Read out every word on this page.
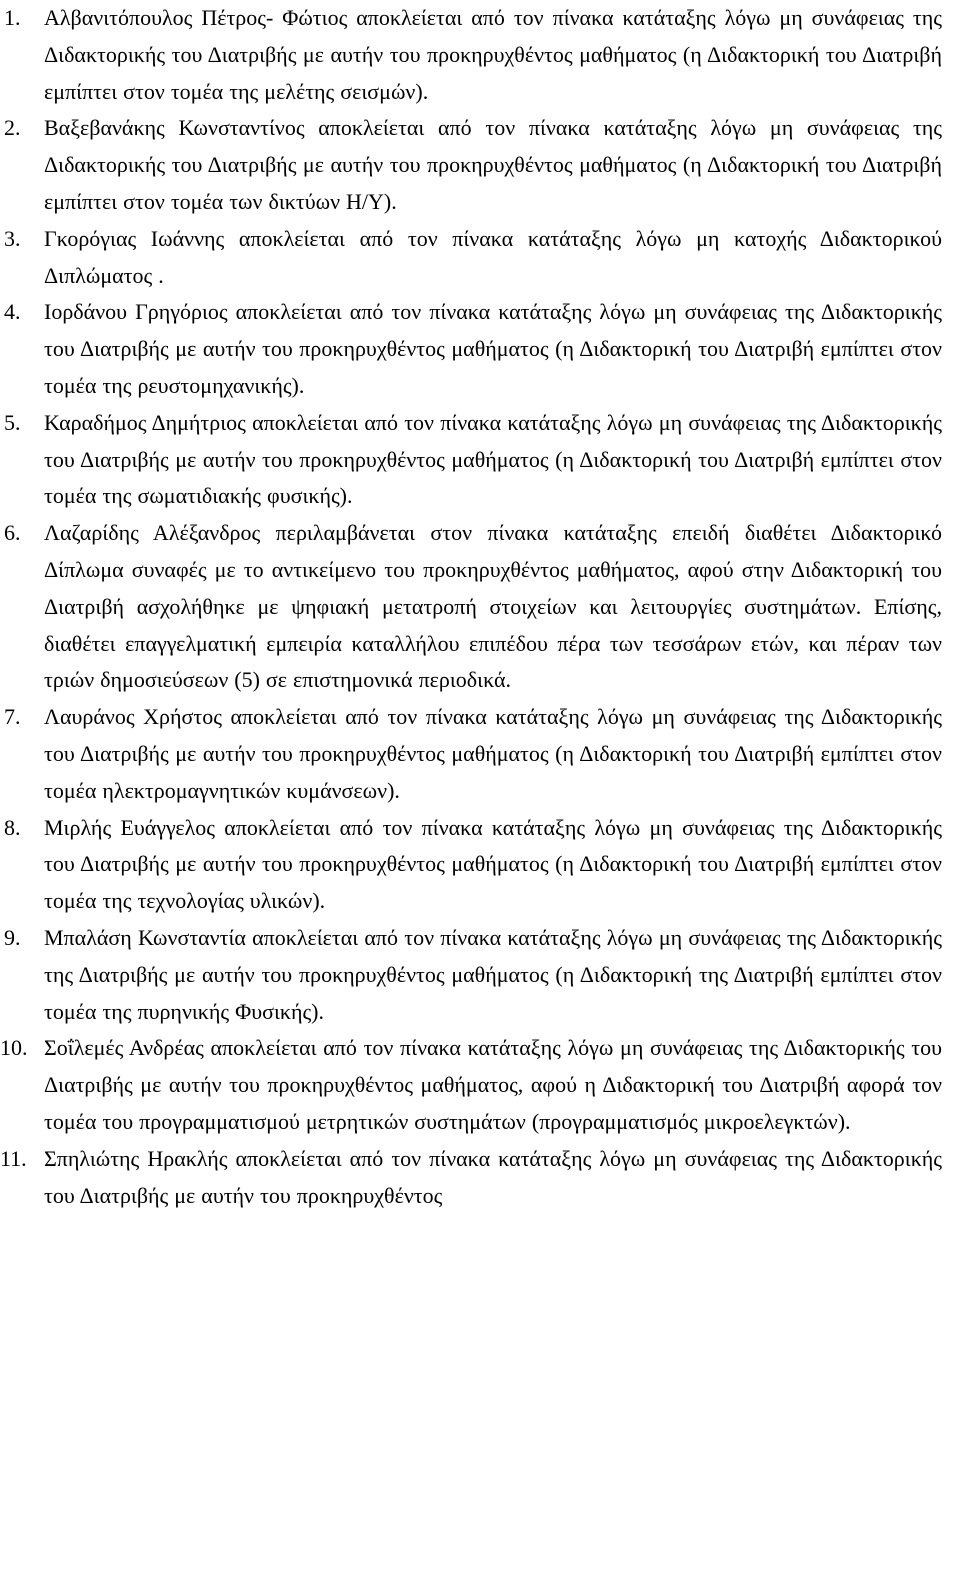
1. Αλβανιτόπουλος Πέτρος- Φώτιος αποκλείεται από τον πίνακα κατάταξης λόγω μη συνάφειας της Διδακτορικής του Διατριβής με αυτήν του προκηρυχθέντος μαθήματος (η Διδακτορική του Διατριβή εμπίπτει στον τομέα της μελέτης σεισμών).
2. Βαξεβανάκης Κωνσταντίνος αποκλείεται από τον πίνακα κατάταξης λόγω μη συνάφειας της Διδακτορικής του Διατριβής με αυτήν του προκηρυχθέντος μαθήματος (η Διδακτορική του Διατριβή εμπίπτει στον τομέα των δικτύων Η/Υ).
3. Γκορόγιας Ιωάννης αποκλείεται από τον πίνακα κατάταξης λόγω μη κατοχής Διδακτορικού Διπλώματος .
4. Ιορδάνου Γρηγόριος αποκλείεται από τον πίνακα κατάταξης λόγω μη συνάφειας της Διδακτορικής του Διατριβής με αυτήν του προκηρυχθέντος μαθήματος (η Διδακτορική του Διατριβή εμπίπτει στον τομέα της ρευστομηχανικής).
5. Καραδήμος Δημήτριος αποκλείεται από τον πίνακα κατάταξης λόγω μη συνάφειας της Διδακτορικής του Διατριβής με αυτήν του προκηρυχθέντος μαθήματος (η Διδακτορική του Διατριβή εμπίπτει στον τομέα της σωματιδιακής φυσικής).
6. Λαζαρίδης Αλέξανδρος περιλαμβάνεται στον πίνακα κατάταξης επειδή διαθέτει Διδακτορικό Δίπλωμα συναφές με το αντικείμενο του προκηρυχθέντος μαθήματος, αφού στην Διδακτορική του Διατριβή ασχολήθηκε με ψηφιακή μετατροπή στοιχείων και λειτουργίες συστημάτων. Επίσης, διαθέτει επαγγελματική εμπειρία καταλλήλου επιπέδου πέρα των τεσσάρων ετών, και πέραν των τριών δημοσιεύσεων (5) σε επιστημονικά περιοδικά.
7. Λαυράνος Χρήστος αποκλείεται από τον πίνακα κατάταξης λόγω μη συνάφειας της Διδακτορικής του Διατριβής με αυτήν του προκηρυχθέντος μαθήματος (η Διδακτορική του Διατριβή εμπίπτει στον τομέα ηλεκτρομαγνητικών κυμάνσεων).
8. Μιρλής Ευάγγελος αποκλείεται από τον πίνακα κατάταξης λόγω μη συνάφειας της Διδακτορικής του Διατριβής με αυτήν του προκηρυχθέντος μαθήματος (η Διδακτορική του Διατριβή εμπίπτει στον τομέα της τεχνολογίας υλικών).
9. Μπαλάση Κωνσταντία αποκλείεται από τον πίνακα κατάταξης λόγω μη συνάφειας της Διδακτορικής της Διατριβής με αυτήν του προκηρυχθέντος μαθήματος (η Διδακτορική της Διατριβή εμπίπτει στον τομέα της πυρηνικής Φυσικής).
10. Σοΐλεμές Ανδρέας αποκλείεται από τον πίνακα κατάταξης λόγω μη συνάφειας της Διδακτορικής του Διατριβής με αυτήν του προκηρυχθέντος μαθήματος, αφού η Διδακτορική του Διατριβή αφορά τον τομέα του προγραμματισμού μετρητικών συστημάτων (προγραμματισμός μικροελεγκτών).
11. Σπηλιώτης Ηρακλής αποκλείεται από τον πίνακα κατάταξης λόγω μη συνάφειας της Διδακτορικής του Διατριβής με αυτήν του προκηρυχθέντος
